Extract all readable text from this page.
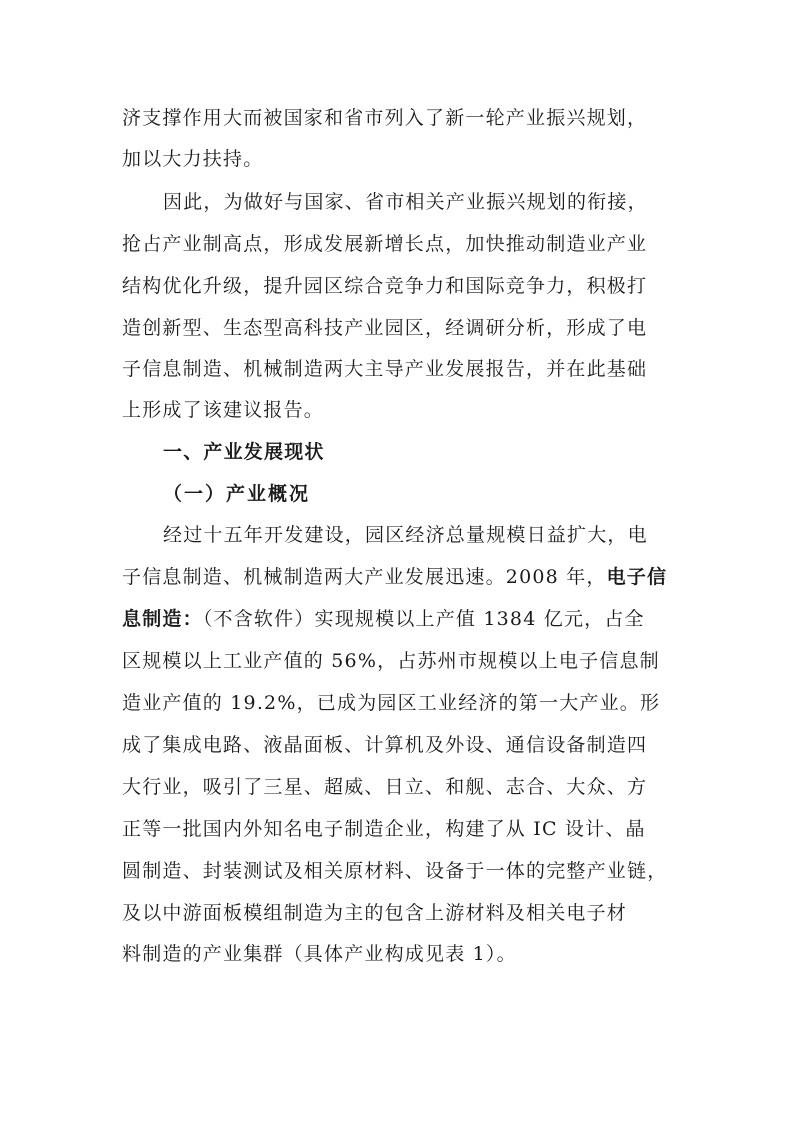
济支撑作用大而被国家和省市列入了新一轮产业振兴规划，
加以大力扶持。
因此，为做好与国家、省市相关产业振兴规划的衔接，
抢占产业制高点，形成发展新增长点，加快推动制造业产业
结构优化升级，提升园区综合竞争力和国际竞争力，积极打
造创新型、生态型高科技产业园区，经调研分析，形成了电
子信息制造、机械制造两大主导产业发展报告，并在此基础
上形成了该建议报告。
一、产业发展现状
（一）产业概况
经过十五年开发建设，园区经济总量规模日益扩大，电
子信息制造、机械制造两大产业发展迅速。2008 年，电子信
息制造：（不含软件）实现规模以上产值 1384 亿元，占全
区规模以上工业产值的 56%，占苏州市规模以上电子信息制
造业产值的 19.2%，已成为园区工业经济的第一大产业。形
成了集成电路、液晶面板、计算机及外设、通信设备制造四
大行业，吸引了三星、超威、日立、和舰、志合、大众、方
正等一批国内外知名电子制造企业，构建了从 IC 设计、晶
圆制造、封装测试及相关原材料、设备于一体的完整产业链，
及以中游面板模组制造为主的包含上游材料及相关电子材
料制造的产业集群（具体产业构成见表 1）。
